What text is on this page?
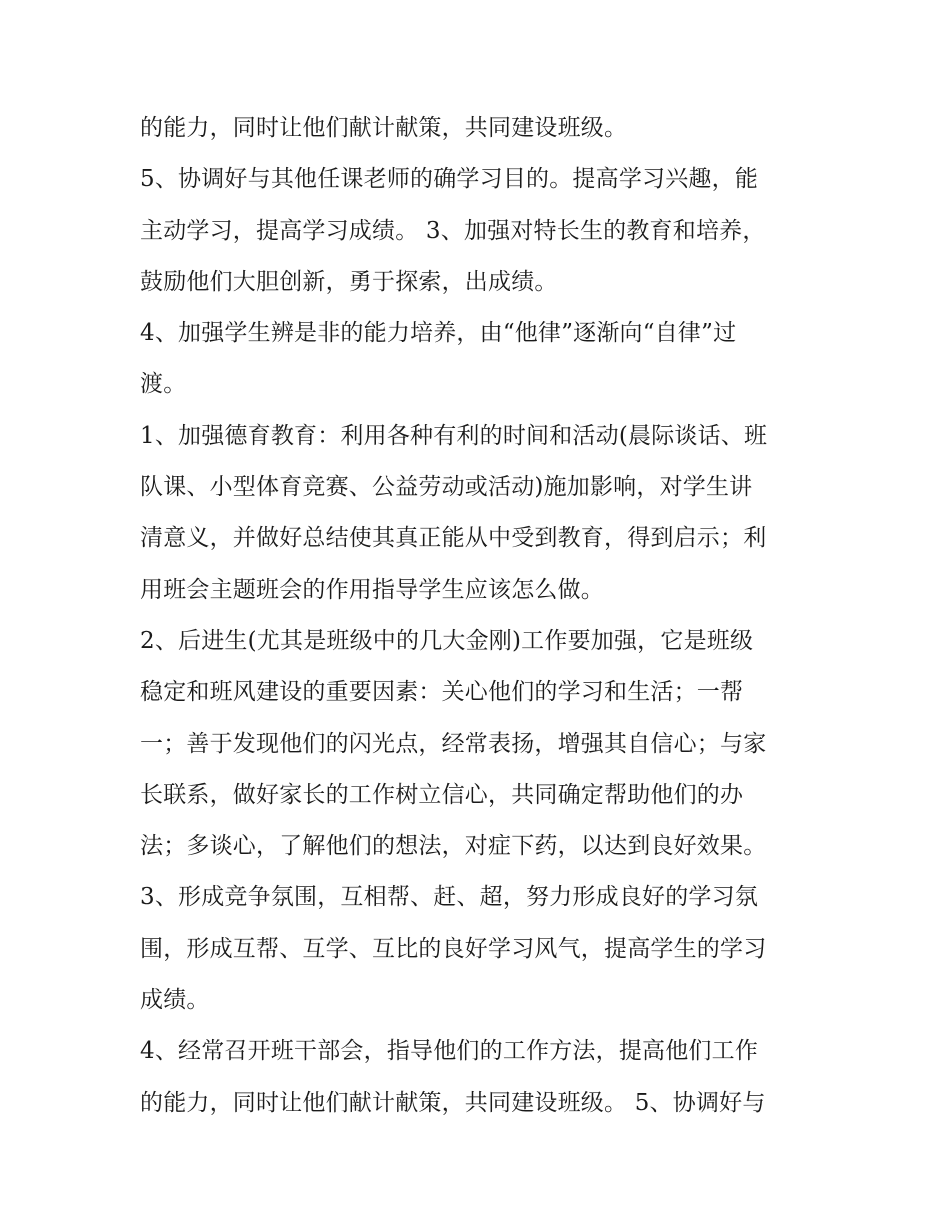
的能力，同时让他们献计献策，共同建设班级。
5、协调好与其他任课老师的确学习目的。提高学习兴趣，能
主动学习，提高学习成绩。 3、加强对特长生的教育和培养，
鼓励他们大胆创新，勇于探索，出成绩。
4、加强学生辨是非的能力培养，由“他律”逐渐向“自律”过
渡。
1、加强德育教育：利用各种有利的时间和活动(晨际谈话、班
队课、小型体育竞赛、公益劳动或活动)施加影响，对学生讲
清意义，并做好总结使其真正能从中受到教育，得到启示；利
用班会主题班会的作用指导学生应该怎么做。
2、后进生(尤其是班级中的几大金刚)工作要加强，它是班级
稳定和班风建设的重要因素：关心他们的学习和生活；一帮
一；善于发现他们的闪光点，经常表扬，增强其自信心；与家
长联系，做好家长的工作树立信心，共同确定帮助他们的办
法；多谈心，了解他们的想法，对症下药，以达到良好效果。
3、形成竞争氛围，互相帮、赶、超，努力形成良好的学习氛
围，形成互帮、互学、互比的良好学习风气，提高学生的学习
成绩。
4、经常召开班干部会，指导他们的工作方法，提高他们工作
的能力，同时让他们献计献策，共同建设班级。 5、协调好与
